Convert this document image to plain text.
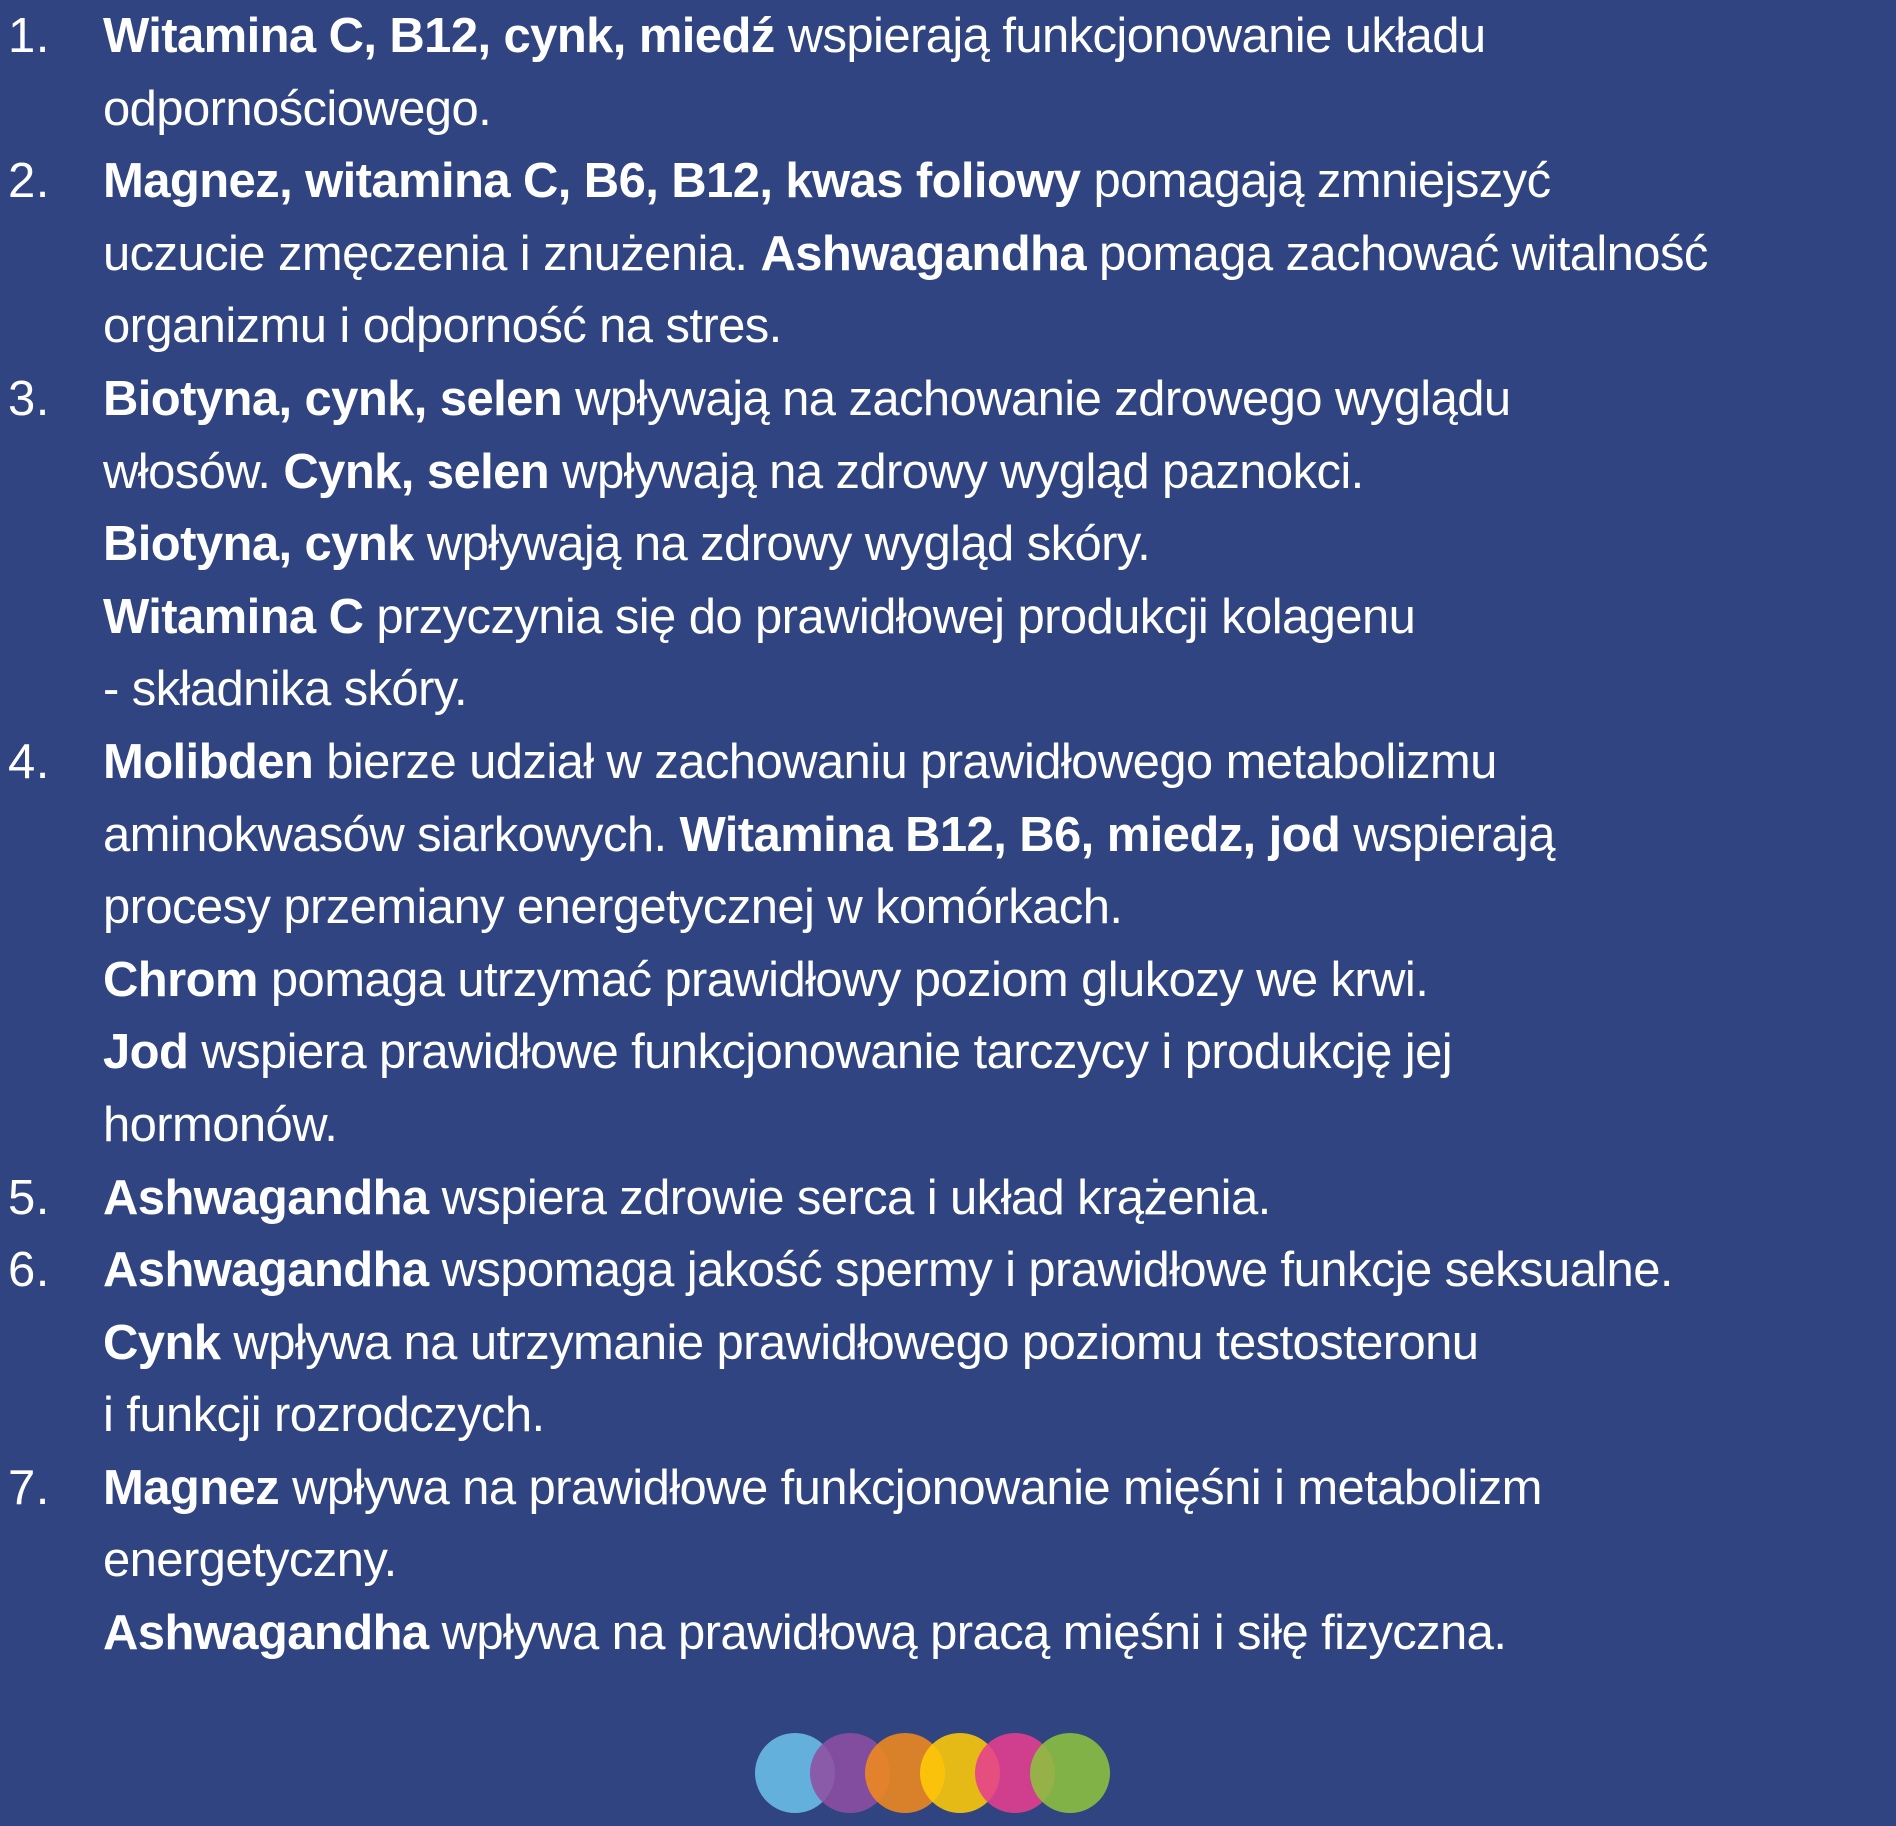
1.	Witamina C, B12, cynk, miedź wspierają funkcjonowanie układu
odpornościowego.
2.	Magnez, witamina C, B6, B12, kwas foliowy pomagają zmniejszyć
uczucie zmęczenia i znużenia. Ashwagandha pomaga zachować witalność
organizmu i odporność na stres.
3.	Biotyna, cynk, selen wpływają na zachowanie zdrowego wyglądu
włosów. Cynk, selen wpływają na zdrowy wygląd paznokci.
Biotyna, cynk wpływają na zdrowy wygląd skóry.
Witamina C przyczynia się do prawidłowej produkcji kolagenu
- składnika skóry.
4.	Molibden bierze udział w zachowaniu prawidłowego metabolizmu
aminokwasów siarkowych. Witamina B12, B6, miedz, jod wspierają
procesy przemiany energetycznej w komórkach.
Chrom pomaga utrzymać prawidłowy poziom glukozy we krwi.
Jod wspiera prawidłowe funkcjonowanie tarczycy i produkcję jej
hormonów.
5.	Ashwagandha wspiera zdrowie serca i układ krążenia.
6.	Ashwagandha wspomaga jakość spermy i prawidłowe funkcje seksualne.
Cynk wpływa na utrzymanie prawidłowego poziomu testosteronu
i funkcji rozrodczych.
7.	Magnez wpływa na prawidłowe funkcjonowanie mięśni i metabolizm
energetyczny.
Ashwagandha wpływa na prawidłową pracą mięśni i siłę fizyczna.
